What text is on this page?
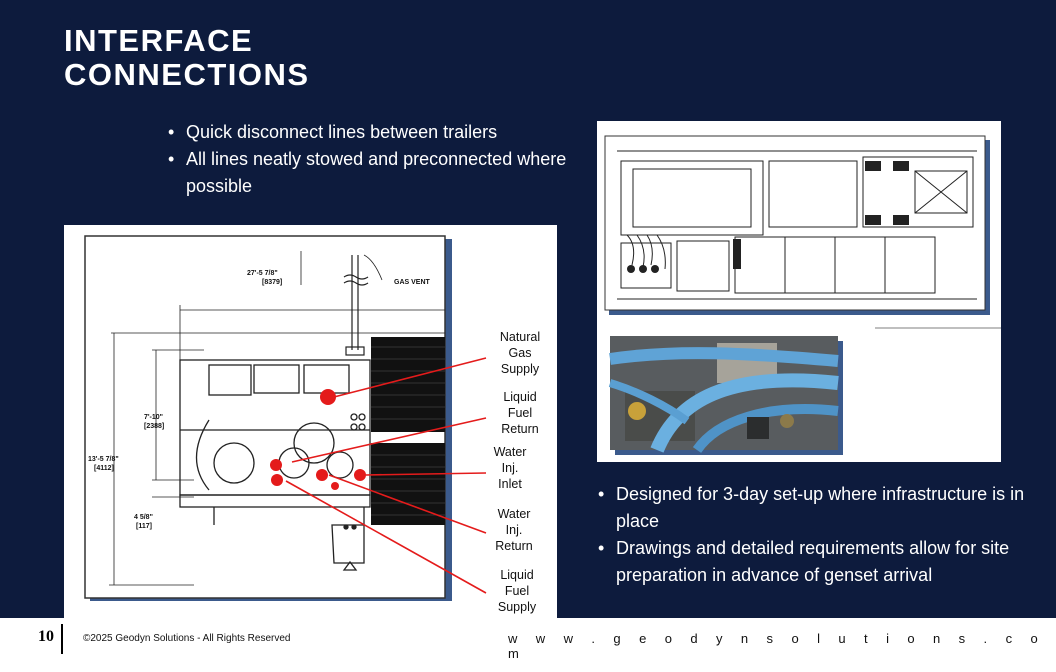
INTERFACE
CONNECTIONS
• Quick disconnect lines between trailers
• All lines neatly stowed and preconnected where possible
27'-5 7/8"
[8379]	GAS VENT
7'-10"
[2388]
13'-5 7/8"
[4112]
4 5/8"
[117]
Natural
Gas
Supply
Liquid
Fuel
Return
Water
Inj.
Inlet
Water
Inj.
Return
Liquid
Fuel
Supply
• Designed for 3-day set-up where infrastructure is in place
• Drawings and detailed requirements allow for site preparation in advance of genset arrival
10	©2025 Geodyn Solutions - All Rights Reserved	w w w . g e o d y n s o l u t i o n s . c o m
